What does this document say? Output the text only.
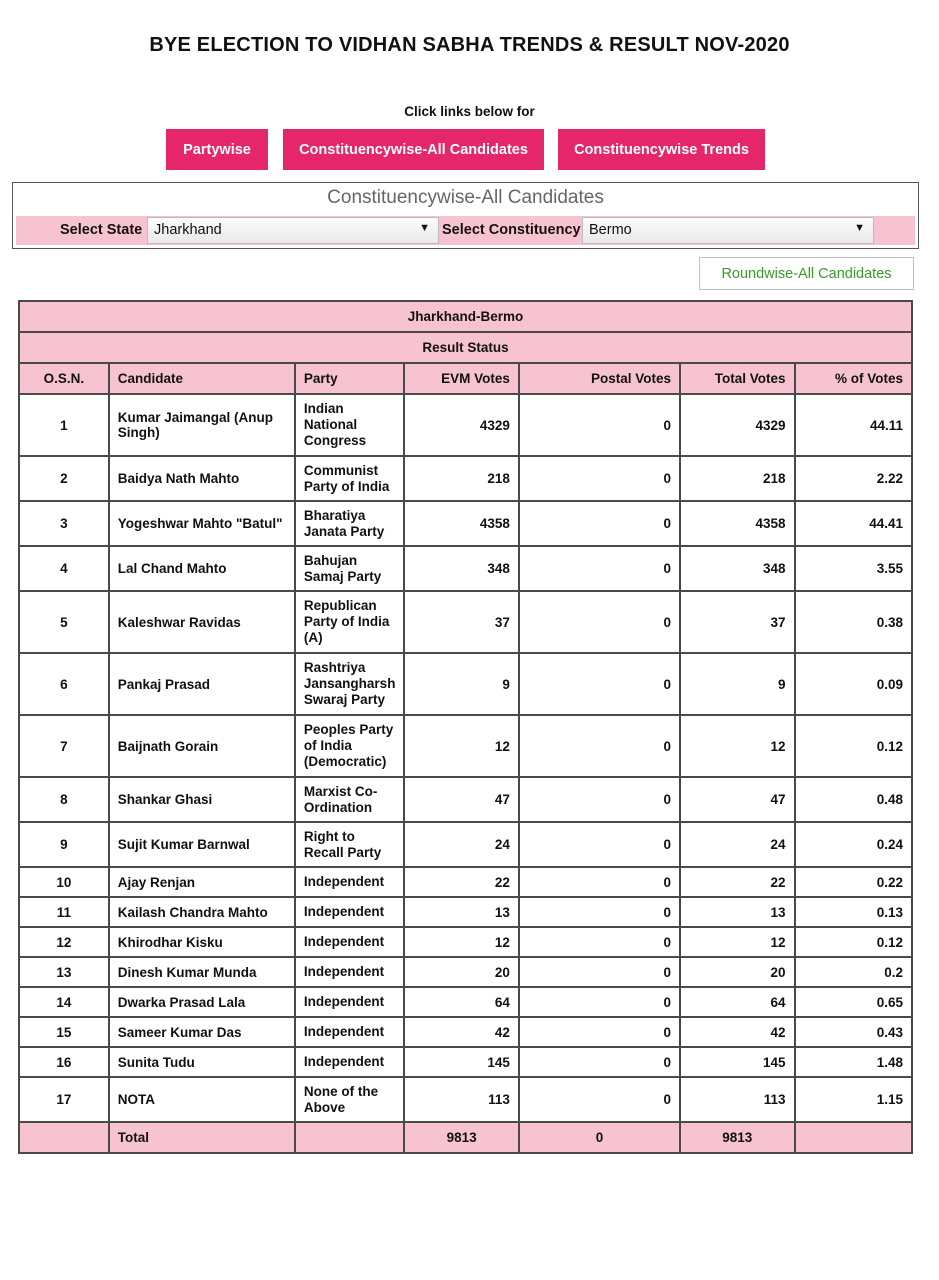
BYE ELECTION TO VIDHAN SABHA TRENDS & RESULT NOV-2020
Click links below for
Partywise	Constituencywise-All Candidates	Constituencywise Trends
Constituencywise-All Candidates
Select State Jharkhand	▼ Select Constituency Bermo	▼
Roundwise-All Candidates
Jharkhand-Bermo						
Result Status						
O.S.N.	Candidate	Party	EVM Votes	Postal Votes	Total Votes	% of Votes
1	Kumar Jaimangal (Anup Singh)	Indian National Congress	4329	0	4329	44.11
2	Baidya Nath Mahto	Communist Party of India	218	0	218	2.22
3	Yogeshwar Mahto "Batul"	Bharatiya Janata Party	4358	0	4358	44.41
4	Lal Chand Mahto	Bahujan Samaj Party	348	0	348	3.55
5	Kaleshwar Ravidas	Republican Party of India (A)	37	0	37	0.38
6	Pankaj Prasad	Rashtriya Jansangharsh Swaraj Party	9	0	9	0.09
7	Baijnath Gorain	Peoples Party of India (Democratic)	12	0	12	0.12
8	Shankar Ghasi	Marxist Co-Ordination	47	0	47	0.48
9	Sujit Kumar Barnwal	Right to Recall Party	24	0	24	0.24
10	Ajay Renjan	Independent	22	0	22	0.22
11	Kailash Chandra Mahto	Independent	13	0	13	0.13
12	Khirodhar Kisku	Independent	12	0	12	0.12
13	Dinesh Kumar Munda	Independent	20	0	20	0.2
14	Dwarka Prasad Lala	Independent	64	0	64	0.65
15	Sameer Kumar Das	Independent	42	0	42	0.43
16	Sunita Tudu	Independent	145	0	145	1.48
17	NOTA	None of the Above	113	0	113	1.15
	Total		9813	0	9813	
